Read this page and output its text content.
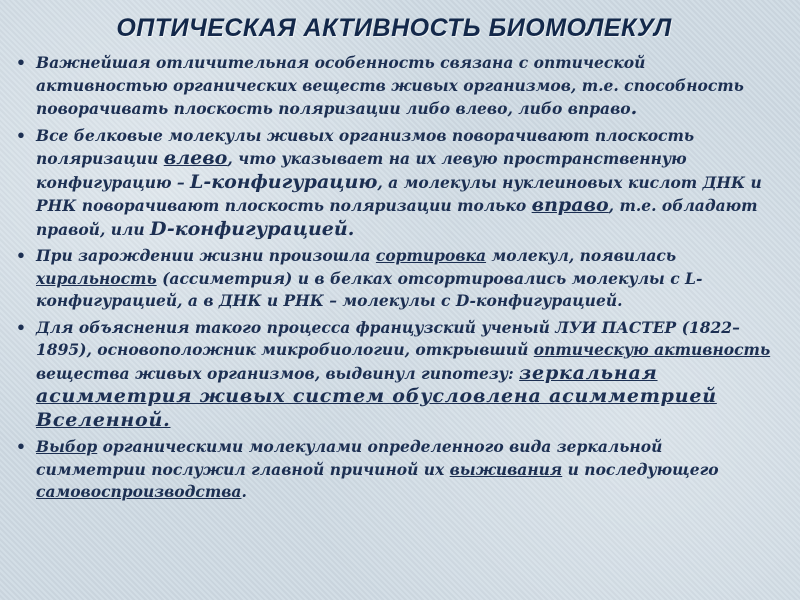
ОПТИЧЕСКАЯ АКТИВНОСТЬ БИОМОЛЕКУЛ
• Важнейшая отличительная особенность связана с оптической активностью органических веществ живых организмов, т.е. способность поворачивать плоскость поляризации либо влево, либо вправо.
• Все белковые молекулы живых организмов поворачивают плоскость поляризации влево, что указывает на их левую пространственную конфигурацию – L-конфигурацию, а молекулы нуклеиновых кислот ДНК и РНК поворачивают плоскость поляризации только вправо, т.е. обладают правой, или D-конфигурацией.
• При зарождении жизни произошла сортировка молекул, появилась хиральность (ассиметрия) и в белках отсортировались молекулы с L-конфигурацией, а в ДНК и РНК – молекулы с D-конфигурацией.
• Для объяснения такого процесса французский ученый ЛУИ ПАСТЕР (1822–1895), основоположник микробиологии, открывший оптическую активность вещества живых организмов, выдвинул гипотезу: зеркальная асимметрия живых систем обусловлена асимметрией Вселенной.
• Выбор органическими молекулами определенного вида зеркальной симметрии послужил главной причиной их выживания и последующего самовоспроизводства.
